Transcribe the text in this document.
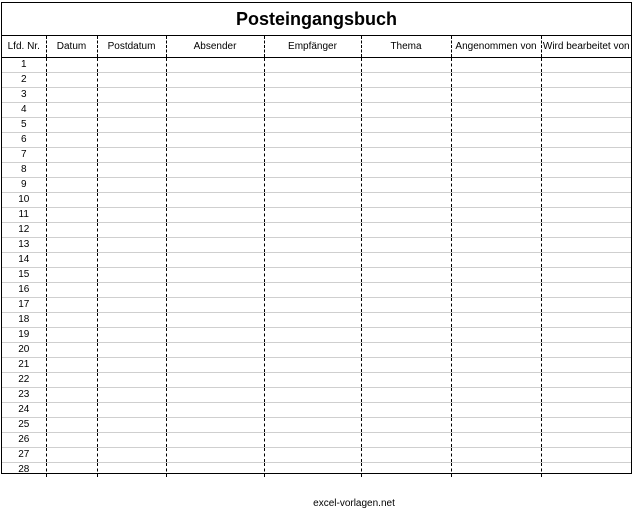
Posteingangsbuch
Lfd. Nr.	Datum	Postdatum	Absender	Empfänger	Thema	Angenommen von	Wird bearbeitet von
1							
2							
3							
4							
5							
6							
7							
8							
9							
10							
11							
12							
13							
14							
15							
16							
17							
18							
19							
20							
21							
22							
23							
24							
25							
26							
27							
28							
excel-vorlagen.net
